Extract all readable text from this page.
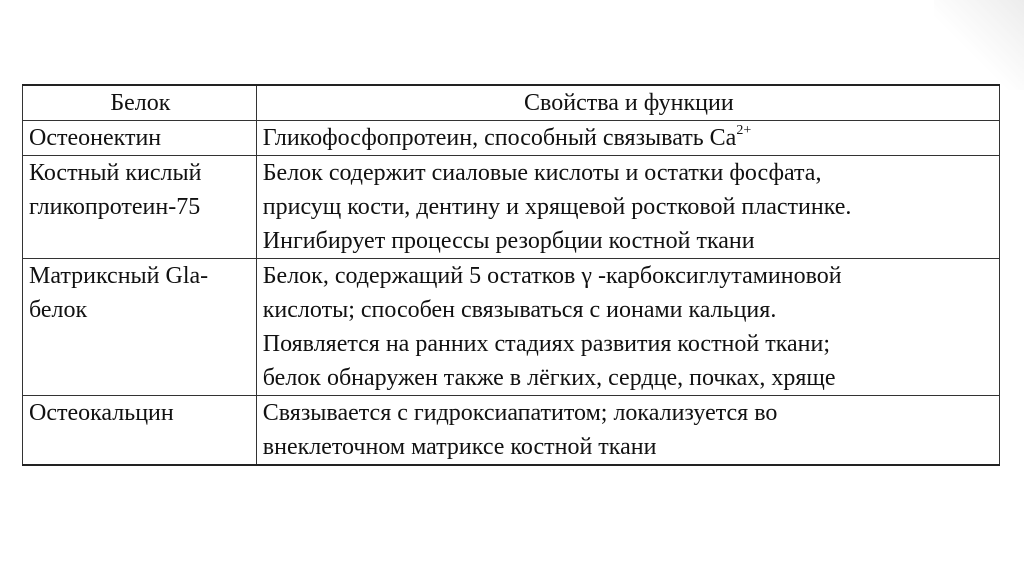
Белок	Свойства и функции

Остеонектин	Гликофосфопротеин, способный связывать $Ca^{2+}$

Костный кислый
гликопротеин-75	Белок содержит сиаловые кислоты и остатки фосфата,
присущ кости, дентину и хрящевой ростковой пластинке.
Ингибирует процессы резорбции костной ткани

Матриксный Gla-
белок	Белок, содержащий 5 остатков γ -карбоксиглутаминовой
кислоты; способен связываться с ионами кальция.
Появляется на ранних стадиях развития костной ткани;
белок обнаружен также в лёгких, сердце, почках, хряще

Остеокальцин	Связывается с гидроксиапатитом; локализуется во
внеклеточном матриксе костной ткани
